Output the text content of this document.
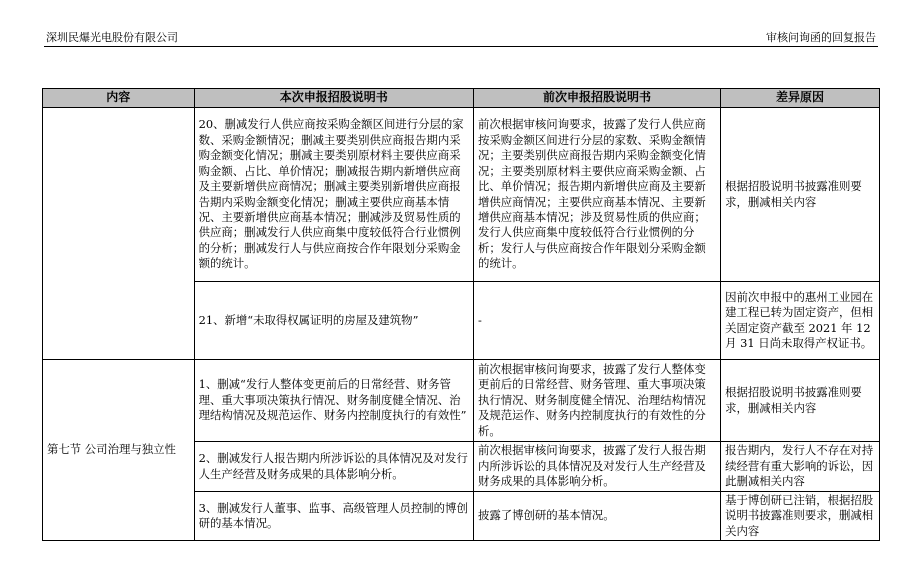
深圳民爆光电股份有限公司	审核问询函的回复报告
内容	本次申报招股说明书	前次申报招股说明书	差异原因
	20、删减发行人供应商按采购金额区间进行分层的家数、采购金额情况；删减主要类别供应商报告期内采购金额变化情况；删减主要类别原材料主要供应商采购金额、占比、单价情况；删减报告期内新增供应商及主要新增供应商情况；删减主要类别新增供应商报告期内采购金额变化情况；删减主要供应商基本情况、主要新增供应商基本情况；删减涉及贸易性质的供应商；删减发行人供应商集中度较低符合行业惯例的分析；删减发行人与供应商按合作年限划分采购金额的统计。	前次根据审核问询要求，披露了发行人供应商按采购金额区间进行分层的家数、采购金额情况；主要类别供应商报告期内采购金额变化情况；主要类别原材料主要供应商采购金额、占比、单价情况；报告期内新增供应商及主要新增供应商情况；主要供应商基本情况、主要新增供应商基本情况；涉及贸易性质的供应商；发行人供应商集中度较低符合行业惯例的分析；发行人与供应商按合作年限划分采购金额的统计。	根据招股说明书披露准则要求，删减相关内容
	21、新增“未取得权属证明的房屋及建筑物”	-	因前次申报中的惠州工业园在建工程已转为固定资产，但相关固定资产截至 2021 年 12 月 31 日尚未取得产权证书。
第七节 公司治理与独立性	1、删减“发行人整体变更前后的日常经营、财务管理、重大事项决策执行情况、财务制度健全情况、治理结构情况及规范运作、财务内控制度执行的有效性”	前次根据审核问询要求，披露了发行人整体变更前后的日常经营、财务管理、重大事项决策执行情况、财务制度健全情况、治理结构情况及规范运作、财务内控制度执行的有效性的分析。	根据招股说明书披露准则要求，删减相关内容
	2、删减发行人报告期内所涉诉讼的具体情况及对发行人生产经营及财务成果的具体影响分析。	前次根据审核问询要求，披露了发行人报告期内所涉诉讼的具体情况及对发行人生产经营及财务成果的具体影响分析。	报告期内，发行人不存在对持续经营有重大影响的诉讼，因此删减相关内容
	3、删减发行人董事、监事、高级管理人员控制的博创研的基本情况。	披露了博创研的基本情况。	基于博创研已注销，根据招股说明书披露准则要求，删减相关内容
